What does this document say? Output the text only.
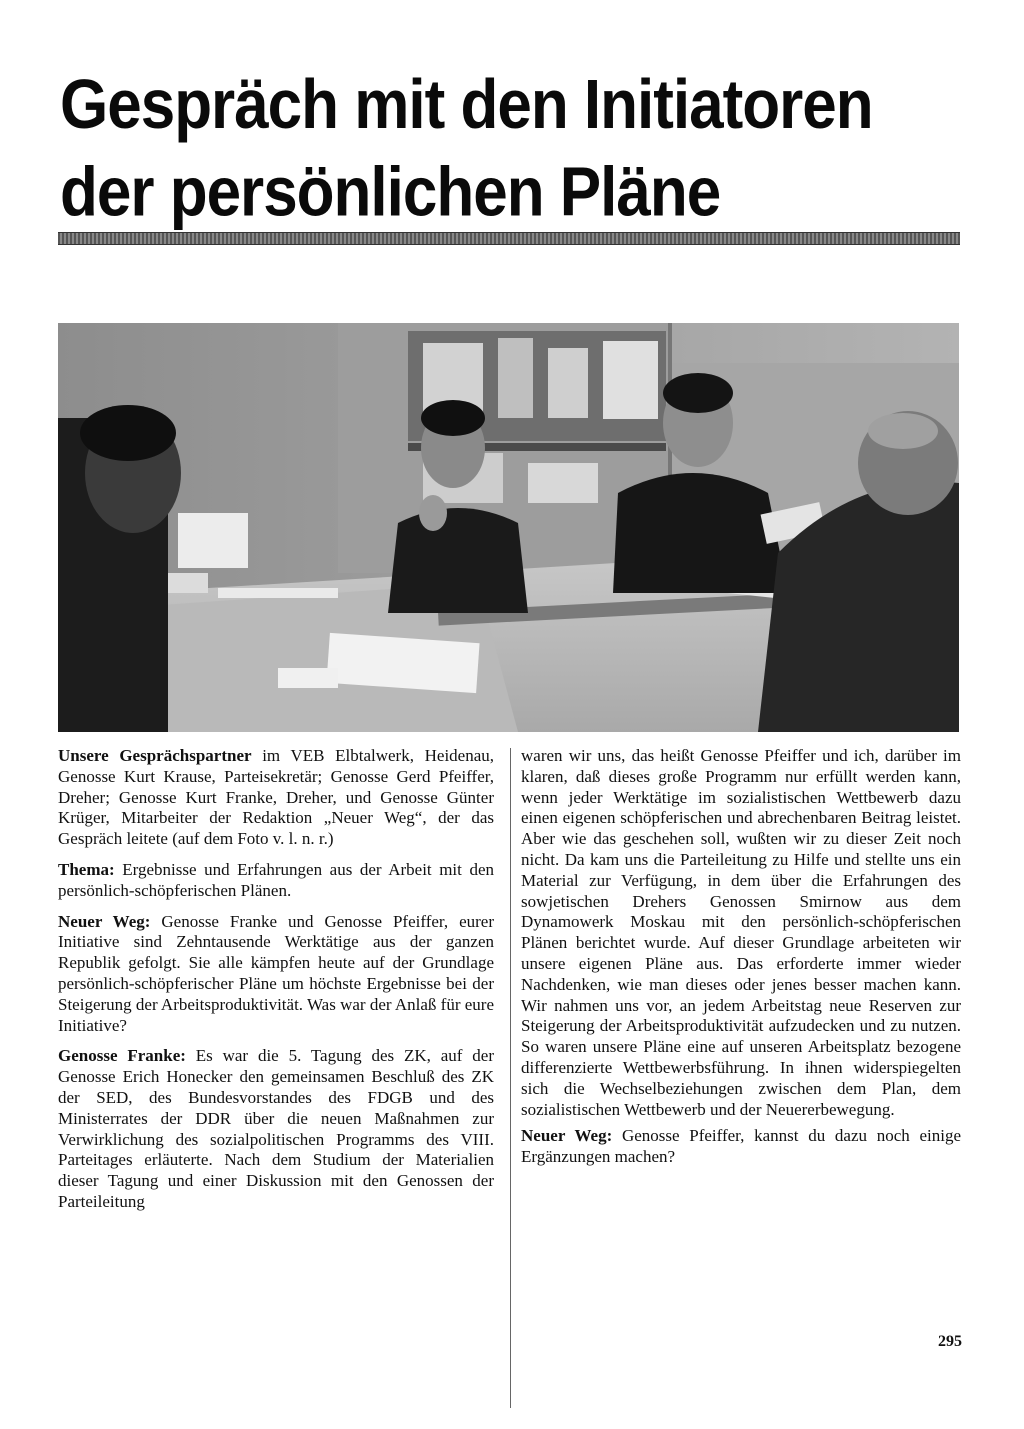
Gespräch mit den Initiatoren
der persönlichen Pläne

Unsere Gesprächspartner im VEB Elbtalwerk, Heidenau, Genosse Kurt Krause, Parteisekretär; Genosse Gerd Pfeiffer, Dreher; Genosse Kurt Franke, Dreher, und Genosse Günter Krüger, Mitarbeiter der Redaktion „Neuer Weg“, der das Gespräch leitete (auf dem Foto v. l. n. r.)

Thema: Ergebnisse und Erfahrungen aus der Arbeit mit den persönlich-schöpferischen Plänen.

Neuer Weg: Genosse Franke und Genosse Pfeiffer, eurer Initiative sind Zehntausende Werktätige aus der ganzen Republik gefolgt. Sie alle kämpfen heute auf der Grundlage persönlich-schöpferischer Pläne um höchste Ergebnisse bei der Steigerung der Arbeitsproduktivität. Was war der Anlaß für eure Initiative?

Genosse Franke: Es war die 5. Tagung des ZK, auf der Genosse Erich Honecker den gemeinsamen Beschluß des ZK der SED, des Bundesvorstandes des FDGB und des Ministerrates der DDR über die neuen Maßnahmen zur Verwirklichung des sozialpolitischen Programms des VIII. Parteitages erläuterte. Nach dem Studium der Materialien dieser Tagung und einer Diskussion mit den Genossen der Parteileitung

waren wir uns, das heißt Genosse Pfeiffer und ich, darüber im klaren, daß dieses große Programm nur erfüllt werden kann, wenn jeder Werktätige im sozialistischen Wettbewerb dazu einen eigenen schöpferischen und abrechenbaren Beitrag leistet. Aber wie das geschehen soll, wußten wir zu dieser Zeit noch nicht. Da kam uns die Parteileitung zu Hilfe und stellte uns ein Material zur Verfügung, in dem über die Erfahrungen des sowjetischen Drehers Genossen Smirnow aus dem Dynamowerk Moskau mit den persönlich-schöpferischen Plänen berichtet wurde. Auf dieser Grundlage arbeiteten wir unsere eigenen Pläne aus. Das erforderte immer wieder Nachdenken, wie man dieses oder jenes besser machen kann. Wir nahmen uns vor, an jedem Arbeitstag neue Reserven zur Steigerung der Arbeitsproduktivität aufzudecken und zu nutzen. So waren unsere Pläne eine auf unseren Arbeitsplatz bezogene differenzierte Wettbewerbsführung. In ihnen widerspiegelten sich die Wechselbeziehungen zwischen dem Plan, dem sozialistischen Wettbewerb und der Neuererbewegung.

Neuer Weg: Genosse Pfeiffer, kannst du dazu noch einige Ergänzungen machen?

295
